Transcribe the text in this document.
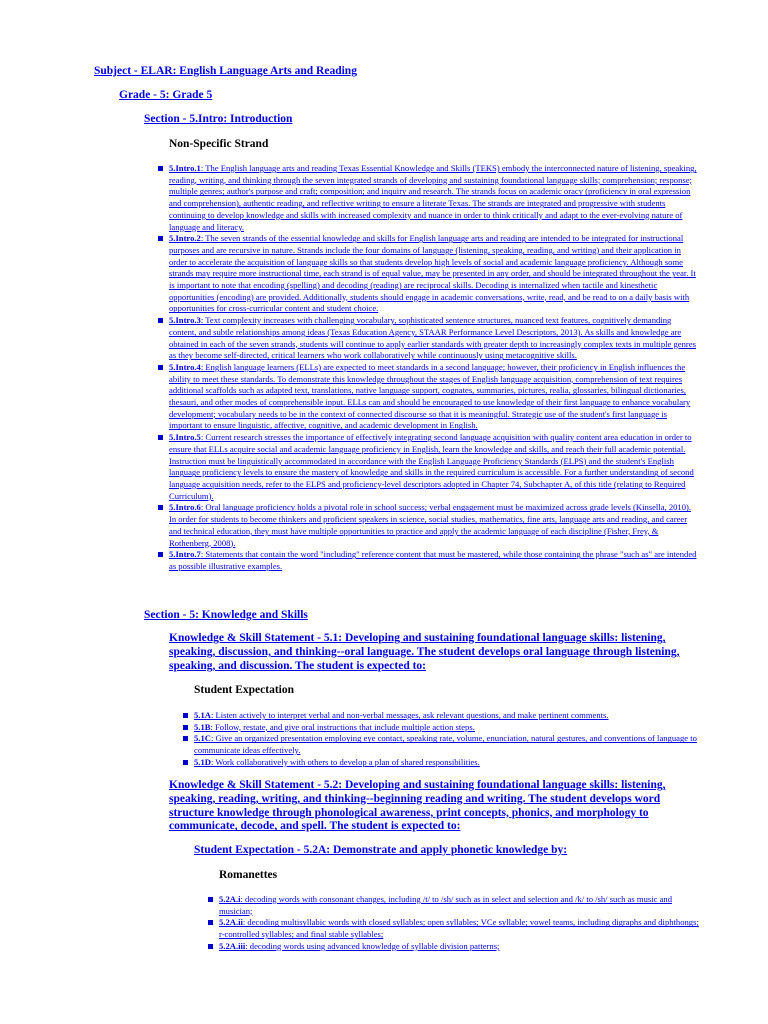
Subject - ELAR: English Language Arts and Reading

Grade - 5: Grade 5

Section - 5.Intro: Introduction

Non-Specific Strand

5.Intro.1: The English language arts and reading Texas Essential Knowledge and Skills (TEKS) embody the interconnected nature of listening, speaking, reading, writing, and thinking through the seven integrated strands of developing and sustaining foundational language skills; comprehension; response; multiple genres; author's purpose and craft; composition; and inquiry and research. The strands focus on academic oracy (proficiency in oral expression and comprehension), authentic reading, and reflective writing to ensure a literate Texas. The strands are integrated and progressive with students continuing to develop knowledge and skills with increased complexity and nuance in order to think critically and adapt to the ever-evolving nature of language and literacy.
5.Intro.2: The seven strands of the essential knowledge and skills for English language arts and reading are intended to be integrated for instructional purposes and are recursive in nature. Strands include the four domains of language (listening, speaking, reading, and writing) and their application in order to accelerate the acquisition of language skills so that students develop high levels of social and academic language proficiency. Although some strands may require more instructional time, each strand is of equal value, may be presented in any order, and should be integrated throughout the year. It is important to note that encoding (spelling) and decoding (reading) are reciprocal skills. Decoding is internalized when tactile and kinesthetic opportunities (encoding) are provided. Additionally, students should engage in academic conversations, write, read, and be read to on a daily basis with opportunities for cross-curricular content and student choice.
5.Intro.3: Text complexity increases with challenging vocabulary, sophisticated sentence structures, nuanced text features, cognitively demanding content, and subtle relationships among ideas (Texas Education Agency, STAAR Performance Level Descriptors, 2013). As skills and knowledge are obtained in each of the seven strands, students will continue to apply earlier standards with greater depth to increasingly complex texts in multiple genres as they become self-directed, critical learners who work collaboratively while continuously using metacognitive skills.
5.Intro.4: English language learners (ELLs) are expected to meet standards in a second language; however, their proficiency in English influences the ability to meet these standards. To demonstrate this knowledge throughout the stages of English language acquisition, comprehension of text requires additional scaffolds such as adapted text, translations, native language support, cognates, summaries, pictures, realia, glossaries, bilingual dictionaries, thesauri, and other modes of comprehensible input. ELLs can and should be encouraged to use knowledge of their first language to enhance vocabulary development; vocabulary needs to be in the context of connected discourse so that it is meaningful. Strategic use of the student's first language is important to ensure linguistic, affective, cognitive, and academic development in English.
5.Intro.5: Current research stresses the importance of effectively integrating second language acquisition with quality content area education in order to ensure that ELLs acquire social and academic language proficiency in English, learn the knowledge and skills, and reach their full academic potential. Instruction must be linguistically accommodated in accordance with the English Language Proficiency Standards (ELPS) and the student's English language proficiency levels to ensure the mastery of knowledge and skills in the required curriculum is accessible. For a further understanding of second language acquisition needs, refer to the ELPS and proficiency-level descriptors adopted in Chapter 74, Subchapter A, of this title (relating to Required Curriculum).
5.Intro.6: Oral language proficiency holds a pivotal role in school success; verbal engagement must be maximized across grade levels (Kinsella, 2010). In order for students to become thinkers and proficient speakers in science, social studies, mathematics, fine arts, language arts and reading, and career and technical education, they must have multiple opportunities to practice and apply the academic language of each discipline (Fisher, Frey, & Rothenberg, 2008).
5.Intro.7: Statements that contain the word "including" reference content that must be mastered, while those containing the phrase "such as" are intended as possible illustrative examples.

Section - 5: Knowledge and Skills

Knowledge & Skill Statement - 5.1: Developing and sustaining foundational language skills: listening, speaking, discussion, and thinking--oral language. The student develops oral language through listening, speaking, and discussion. The student is expected to:

Student Expectation

5.1A: Listen actively to interpret verbal and non-verbal messages, ask relevant questions, and make pertinent comments.
5.1B: Follow, restate, and give oral instructions that include multiple action steps.
5.1C: Give an organized presentation employing eye contact, speaking rate, volume, enunciation, natural gestures, and conventions of language to communicate ideas effectively.
5.1D: Work collaboratively with others to develop a plan of shared responsibilities.

Knowledge & Skill Statement - 5.2: Developing and sustaining foundational language skills: listening, speaking, reading, writing, and thinking--beginning reading and writing. The student develops word structure knowledge through phonological awareness, print concepts, phonics, and morphology to communicate, decode, and spell. The student is expected to:

Student Expectation - 5.2A: Demonstrate and apply phonetic knowledge by:

Romanettes

5.2A.i: decoding words with consonant changes, including /t/ to /sh/ such as in select and selection and /k/ to /sh/ such as music and musician;
5.2A.ii: decoding multisyllabic words with closed syllables; open syllables; VCe syllable; vowel teams, including digraphs and diphthongs; r-controlled syllables; and final stable syllables;
5.2A.iii: decoding words using advanced knowledge of syllable division patterns;
